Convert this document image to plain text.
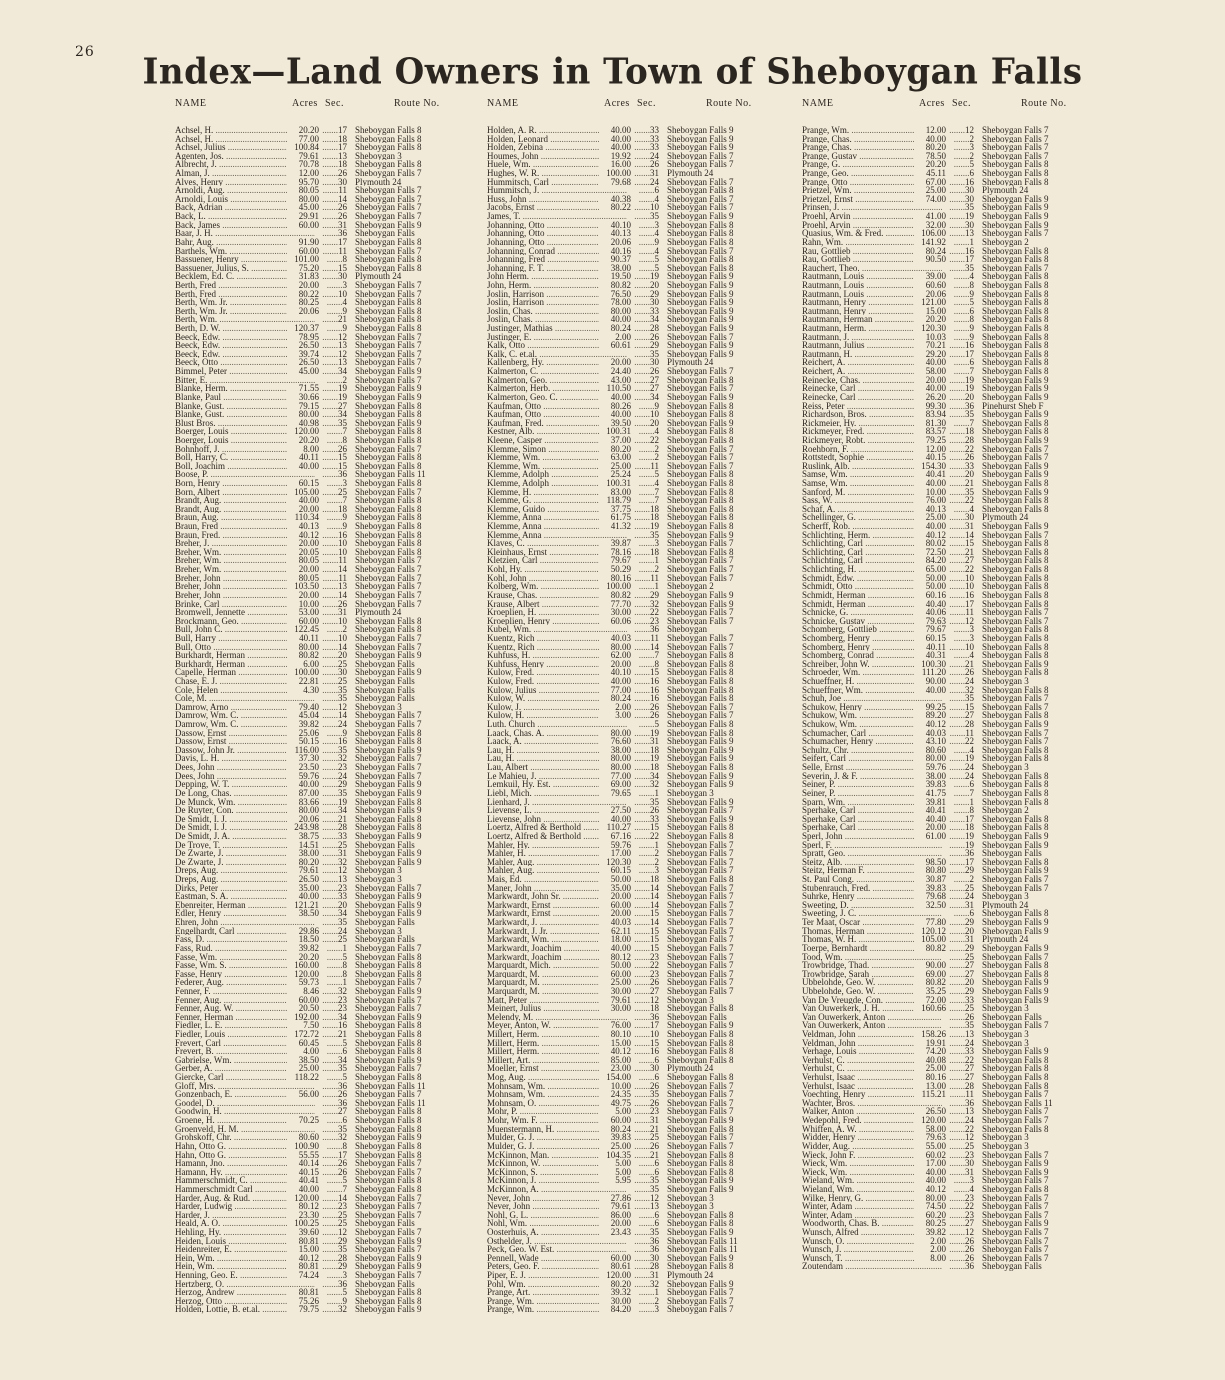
26	Index—Land Owners in Town of Sheboygan Falls
NAME	Acres Sec.	Route No.
Achsel, H. .....	20.20	....... 17 Sheboygan Falls 8
Achsel, H. .....	77.00	....... 18 Sheboygan Falls 8
Achsel, Julius .....	100.84	....... 17 Sheboygan Falls 8
Agenten, Jos. .....	79.61	....... 13 Sheboygan 3
Albrecht, J. .....	70.78	....... 18 Sheboygan Falls 8
Alman, J. .....	12.00	....... 26 Sheboygan Falls 7
Alves, Henry .....	95.70	....... 30 Plymouth 24
Arnoldi, Aug. .....	80.05	....... 11 Sheboygan Falls 7
Arnoldi, Louis .....	80.00	....... 14 Sheboygan Falls 7
Back, Adrian .....	45.00	....... 26 Sheboygan Falls 7
Back, L. .....	29.91	....... 26 Sheboygan Falls 7
Back, James .....	60.00	....... 31 Sheboygan Falls 9
Baar, J. H. .....	....... 36 Sheboygan Falls
Bahr, Aug. .....	91.90	....... 17 Sheboygan Falls 8
Barthels, Wm. .....	60.00	....... 11 Sheboygan Falls 7
Bassuener, Henry .....	101.00	....... 8 Sheboygan Falls 8
Bassuener, Julius, S. .....	75.20	....... 15 Sheboygan Falls 8
Becklem, Ed. C. .....	31.83	....... 30 Plymouth 24
Berth, Fred .....	20.00	....... 3 Sheboygan Falls 7
Berth, Fred .....	80.22	....... 10 Sheboygan Falls 7
Berth, Wm. Jr. .....	80.25	....... 4 Sheboygan Falls 8
Berth, Wm. Jr. .....	20.06	....... 9 Sheboygan Falls 8
Berth, Wm. .....	....... 21 Sheboygan Falls 8
Berth, D. W. .....	120.37	....... 9 Sheboygan Falls 8
Beeck, Edw. .....	78.95	....... 12 Sheboygan Falls 7
Beeck, Edw. .....	26.50	....... 13 Sheboygan Falls 7
Beeck, Edw. .....	39.74	....... 12 Sheboygan Falls 7
Beeck, Otto .....	26.50	....... 13 Sheboygan Falls 7
Bimmel, Peter .....	45.00	....... 34 Sheboygan Falls 9
Bitter, E. .....	....... 2 Sheboygan Falls 7
Blanke, Herm. .....	71.55	....... 19 Sheboygan Falls 9
Blanke, Paul .....	30.66	....... 19 Sheboygan Falls 9
Blanke, Gust. .....	79.15	....... 27 Sheboygan Falls 8
Blanke, Gust. .....	80.00	....... 34 Sheboygan Falls 8
Blust Bros. .....	40.98	....... 35 Sheboygan Falls 9
Boerger, Louis .....	120.00	....... 7 Sheboygan Falls 8
Boerger, Louis .....	20.20	....... 8 Sheboygan Falls 8
Bohnhoff, J. .....	8.00	....... 26 Sheboygan Falls 7
Boll, Harry, C. .....	40.11	....... 15 Sheboygan Falls 8
Boll, Joachim .....	40.00	....... 15 Sheboygan Falls 8
Boose, P. .....	....... 36 Sheboygan Falls 11
Born, Henry .....	60.15	....... 3 Sheboygan Falls 8
Born, Albert .....	105.00	....... 25 Sheboygan Falls 7
Brandt, Aug. .....	40.00	....... 7 Sheboygan Falls 8
Brandt, Aug. .....	20.00	....... 18 Sheboygan Falls 8
Braun, Aug. .....	110.34	....... 9 Sheboygan Falls 8
Braun, Fred .....	40.13	....... 9 Sheboygan Falls 8
Braun, Fred. .....	40.12	....... 16 Sheboygan Falls 8
Breher, J. .....	20.00	....... 10 Sheboygan Falls 8
Breher, Wm. .....	20.05	....... 10 Sheboygan Falls 8
Breher, Wm. .....	80.05	....... 11 Sheboygan Falls 7
Breher, Wm. .....	20.00	....... 14 Sheboygan Falls 7
Breher, John .....	80.05	....... 11 Sheboygan Falls 7
Breher, John .....	103.50	....... 13 Sheboygan Falls 7
Breher, John .....	20.00	....... 14 Sheboygan Falls 7
Brinke, Carl .....	10.00	....... 26 Sheboygan Falls 7
Bromwell, Jennette .....	53.00	....... 31 Plymouth 24
Brockmann, Geo. .....	60.00	....... 10 Sheboygan Falls 8
Bull, John C. .....	122.45	....... 2 Sheboygan Falls 8
Bull, Harry .....	40.11	....... 10 Sheboygan Falls 7
Bull, Otto .....	80.00	....... 14 Sheboygan Falls 7
Burkhardt, Herman .....	80.82	....... 20 Sheboygan Falls 9
Burkhardt, Herman .....	6.00	....... 25 Sheboygan Falls
Capelle, Herman .....	100.00	....... 30 Sheboygan Falls 9
Chase, E. J. .....	22.81	....... 25 Sheboygan Falls
Cole, Helen .....	4.30	....... 35 Sheboygan Falls
Cole, M. .....	....... 35 Sheboygan Falls
Damrow, Arno .....	79.40	....... 12 Sheboygan 3
Damrow, Wm. C. .....	45.04	....... 14 Sheboygan Falls 7
Damrow, Wm. C. .....	39.82	....... 24 Sheboygan Falls 7
Dassow, Ernst .....	25.06	....... 9 Sheboygan Falls 8
Dassow, Ernst .....	50.15	....... 16 Sheboygan Falls 8
Dassow, John Jr. .....	116.00	....... 35 Sheboygan Falls 9
Davis, L. H. .....	37.30	....... 32 Sheboygan Falls 7
Dees, John .....	23.50	....... 23 Sheboygan Falls 7
Dees, John .....	59.76	....... 24 Sheboygan Falls 7
Depping, W. T. .....	40.00	....... 29 Sheboygan Falls 9
De Long, Chas. .....	87.00	....... 35 Sheboygan Falls 9
De Munck, Wm. .....	83.66	....... 19 Sheboygan Falls 8
De Ruyter, Con. .....	80.00	....... 34 Sheboygan Falls 9
De Smidt, I. J. .....	20.06	....... 21 Sheboygan Falls 8
De Smidt, I. J. .....	243.98	....... 28 Sheboygan Falls 8
De Smidt, J. A. .....	38.75	....... 33 Sheboygan Falls 9
De Troye, T. .....	14.51	....... 25 Sheboygan Falls
De Zwarte, J. .....	38.00	....... 31 Sheboygan Falls 9
De Zwarte, J. .....	80.20	....... 32 Sheboygan Falls 9
Dreps, Aug. .....	79.61	....... 12 Sheboygan 3
Dreps, Aug. .....	26.50	....... 13 Sheboygan 3
Dirks, Peter .....	35.00	....... 23 Sheboygan Falls 7
Eastman, S. A. .....	40.00	....... 33 Sheboygan Falls 9
Ebenreiter, Herman .....	121.21	....... 20 Sheboygan Falls 9
Edler, Henry .....	38.50	....... 34 Sheboygan Falls 9
Ehren, John .....	....... 35 Sheboygan Falls
Engelhardt, Carl .....	29.86	....... 24 Sheboygan 3
Fass, D. .....	18.50	....... 25 Sheboygan Falls
Fass, Rud. .....	39.82	....... 1 Sheboygan Falls 7
Fasse, Wm. .....	20.20	....... 5 Sheboygan Falls 8
Fasse, Wm. S. .....	160.00	....... 8 Sheboygan Falls 8
Fasse, Henry .....	120.00	....... 8 Sheboygan Falls 8
Federer, Aug. .....	59.73	....... 1 Sheboygan Falls 7
Fenner, F. .....	8.46	....... 32 Sheboygan Falls 9
Fenner, Aug. .....	60.00	....... 23 Sheboygan Falls 7
Fenner, Aug. W. .....	20.50	....... 23 Sheboygan Falls 7
Fenner, Herman .....	192.00	....... 34 Sheboygan Falls 9
Fiedler, L. E. .....	7.50	....... 16 Sheboygan Falls 8
Fiedler, Louis .....	172.72	....... 21 Sheboygan Falls 8
Frevert, Carl .....	60.45	....... 5 Sheboygan Falls 8
Frevert, B. .....	4.00	....... 6 Sheboygan Falls 8
Gabrielse, Wm. .....	38.50	....... 34 Sheboygan Falls 9
Gerber, A. .....	25.00	....... 35 Sheboygan Falls 7
Giercke, Carl .....	118.22	....... 5 Sheboygan Falls 8
Gloff, Mrs. .....	....... 36 Sheboygan Falls 11
Gonzenbach, E. .....	56.00	....... 26 Sheboygan Falls 7
Goodel, D. .....	....... 36 Sheboygan Falls 11
Goodwin, H. .....	....... 27 Sheboygan Falls 8
Groene, H. .....	70.25	....... 6 Sheboygan Falls 8
Groenveld, H. M. .....	....... 35 Sheboygan Falls 8
Grohskoff, Chr. .....	80.60	....... 32 Sheboygan Falls 9
Hahn, Otto G. .....	100.90	....... 8 Sheboygan Falls 8
Hahn, Otto G. .....	55.55	....... 17 Sheboygan Falls 8
Hamann, Jno. .....	40.14	....... 26 Sheboygan Falls 7
Hamann, Hy. .....	40.15	....... 26 Sheboygan Falls 7
Hammerschmidt, C. .....	40.41	....... 5 Sheboygan Falls 8
Hammerschmidt Carl .....	40.00	....... 7 Sheboygan Falls 8
Harder, Aug. & Rud. .....	120.00	....... 14 Sheboygan Falls 7
Harder, Ludwig .....	80.12	....... 23 Sheboygan Falls 7
Harder, J. .....	23.30	....... 25 Sheboygan Falls 7
Heald, A. O. .....	100.25	....... 25 Sheboygan Falls
Hehling, Hy. .....	39.60	....... 12 Sheboygan Falls 7
Heiden, Louis .....	80.81	....... 29 Sheboygan Falls 9
Heidenreiter, E. .....	15.00	....... 35 Sheboygan Falls 7
Hein, Wm. .....	40.12	....... 28 Sheboygan Falls 9
Hein, Wm. .....	80.81	....... 29 Sheboygan Falls 9
Henning, Geo. E. .....	74.24	....... 3 Sheboygan Falls 7
Hertzberg, O. .....	....... 36 Sheboygan Falls
Herzog, Andrew .....	80.81	....... 5 Sheboygan Falls 8
Herzog, Otto .....	75.26	....... 9 Sheboygan Falls 8
Holden, Lottie, B. et.al. .....	79.75	....... 32 Sheboygan Falls 9
NAME	Acres Sec.	Route No.
Holden, A. R. .....	40.00	....... 33 Sheboygan Falls 9
Holden, Leonard .....	40.00	....... 33 Sheboygan Falls 9
Holden, Zebina .....	40.00	....... 33 Sheboygan Falls 9
Houmes, John .....	19.92	....... 24 Sheboygan Falls 7
Huele, Wm. .....	16.00	....... 26 Sheboygan Falls 7
Hughes, W. R. .....	100.00	....... 31 Plymouth 24
Hummitsch, Carl .....	79.68	....... 24 Sheboygan Falls 7
Hummitsch, J. .....	....... 6 Sheboygan Falls 8
Huss, John .....	40.38	....... 4 Sheboygan Falls 7
Jacobs, Ernst .....	80.22	....... 10 Sheboygan Falls 7
James, T. .....	....... 35 Sheboygan Falls 9
Johanning, Otto .....	40.10	....... 3 Sheboygan Falls 8
Johanning, Otto .....	40.13	....... 4 Sheboygan Falls 8
Johanning, Otto .....	20.06	....... 9 Sheboygan Falls 8
Johanning, Conrad .....	40.16	....... 4 Sheboygan Falls 7
Johanning, Fred .....	90.37	....... 5 Sheboygan Falls 8
Johanning, F. T. .....	38.00	....... 5 Sheboygan Falls 8
John Herm. .....	19.50	....... 19 Sheboygan Falls 9
John, Herm. .....	80.82	....... 20 Sheboygan Falls 9
Joslin, Harrison .....	76.50	....... 29 Sheboygan Falls 9
Joslin, Harrison .....	78.00	....... 30 Sheboygan Falls 9
Joslin, Chas. .....	80.00	....... 33 Sheboygan Falls 9
Joslin, Chas. .....	40.00	....... 34 Sheboygan Falls 9
Justinger, Mathias .....	80.24	....... 28 Sheboygan Falls 9
Justinger, E. .....	2.00	....... 26 Sheboygan Falls 7
Kalk, Otto .....	60.61	....... 29 Sheboygan Falls 9
Kalk, C. et.al. .....	....... 35 Sheboygan Falls 9
Kallenberg, Hy. .....	20.00	....... 30 Plymouth 24
Kalmerton, C. .....	24.40	....... 26 Sheboygan Falls 7
Kalmerton, Geo. .....	43.00	....... 27 Sheboygan Falls 8
Kalmerton, Herb. .....	110.50	....... 27 Sheboygan Falls 7
Kalmerton, Geo. C. .....	40.00	....... 34 Sheboygan Falls 9
Kaufman, Otto .....	80.26	....... 9 Sheboygan Falls 8
Kaufman, Otto .....	40.00	....... 10 Sheboygan Falls 8
Kaufman, Fred. .....	39.50	....... 20 Sheboygan Falls 9
Kestner, Alb. .....	100.31	....... 4 Sheboygan Falls 8
Kleene, Casper .....	37.00	....... 22 Sheboygan Falls 8
Klemme, Simon .....	80.20	....... 2 Sheboygan Falls 7
Klemme, Wm. .....	63.00	....... 2 Sheboygan Falls 7
Klemme, Wm. .....	25.00	....... 11 Sheboygan Falls 7
Klemme, Adolph .....	25.24	....... 5 Sheboygan Falls 8
Klemme, Adolph .....	100.31	....... 4 Sheboygan Falls 8
Klemme, H. .....	83.00	....... 7 Sheboygan Falls 8
Klemme, G. .....	118.79	....... 7 Sheboygan Falls 8
Klemme, Guido .....	37.75	....... 18 Sheboygan Falls 8
Klemme, Anna .....	61.75	....... 18 Sheboygan Falls 8
Klemme, Anna .....	41.32	....... 19 Sheboygan Falls 8
Klemme, Anna .....	....... 35 Sheboygan Falls 9
Klaves, C. .....	39.87	....... 3 Sheboygan Falls 7
Kleinhaus, Ernst .....	78.16	....... 18 Sheboygan Falls 8
Kletzien, Carl .....	79.67	....... 1 Sheboygan Falls 7
Kohl, Hy. .....	50.29	....... 2 Sheboygan Falls 7
Kohl, John .....	80.16	....... 11 Sheboygan Falls 7
Kolberg, Wm. .....	100.00	....... 1 Sheboygan 2
Krause, Chas. .....	80.82	....... 29 Sheboygan Falls 9
Krause, Albert .....	77.70	....... 32 Sheboygan Falls 9
Kroeplien, H. .....	30.00	....... 22 Sheboygan Falls 7
Kroeplien, Henry .....	60.06	....... 23 Sheboygan Falls 7
Kubel, Wm. .....	....... 36 Sheboygan
Kuentz, Rich .....	40.03	....... 11 Sheboygan Falls 7
Kuentz, Rich .....	80.00	....... 14 Sheboygan Falls 7
Kuhfuss, H. .....	62.00	....... 7 Sheboygan Falls 8
Kuhfuss, Henry .....	20.00	....... 8 Sheboygan Falls 8
Kulow, Fred. .....	40.10	....... 15 Sheboygan Falls 8
Kulow, Fred. .....	40.00	....... 16 Sheboygan Falls 8
Kulow, Julius .....	77.00	....... 16 Sheboygan Falls 8
Kulow, W. .....	80.24	....... 16 Sheboygan Falls 8
Kulow, J. .....	2.00	....... 26 Sheboygan Falls 7
Kulow, H. .....	3.00	....... 26 Sheboygan Falls 7
Luth. Church .....	....... 5 Sheboygan Falls 8
Laack, Chas. A. .....	80.00	....... 19 Sheboygan Falls 8
Laack, A. .....	76.60	....... 31 Sheboygan Falls 9
Lau, H. .....	38.00	....... 18 Sheboygan Falls 9
Lau, H. .....	80.00	....... 19 Sheboygan Falls 9
Lau, Albert .....	80.00	....... 18 Sheboygan Falls 8
Le Mahieu, J. .....	77.00	....... 34 Sheboygan Falls 9
Lemkuil, Hy. Est. .....	69.00	....... 32 Sheboygan Falls 9
Liebl, Mich. .....	79.65	....... 1 Sheboygan 3
Lienhard, J. .....	....... 35 Sheboygan Falls 9
Lievense, L. .....	27.50	....... 26 Sheboygan Falls 7
Lievense, John .....	40.00	....... 33 Sheboygan Falls 9
Loertz, Alfred & Berthold .....	110.27	....... 15 Sheboygan Falls 8
Loertz, Alfred & Berthold .....	67.16	....... 22 Sheboygan Falls 8
Mahler, Hy. .....	59.76	....... 1 Sheboygan Falls 7
Mahler, H. .....	17.00	....... 2 Sheboygan Falls 7
Mahler, Aug. .....	120.30	....... 2 Sheboygan Falls 7
Mahler, Aug. .....	60.15	....... 3 Sheboygan Falls 7
Mais, Ed. .....	50.00	....... 18 Sheboygan Falls 8
Maner, John .....	35.00	....... 14 Sheboygan Falls 7
Markwardt, John Sr. .....	20.00	....... 14 Sheboygan Falls 7
Markwardt, Ernst .....	60.00	....... 14 Sheboygan Falls 7
Markwardt, Ernst .....	20.00	....... 15 Sheboygan Falls 7
Markwardt, J. .....	40.03	....... 14 Sheboygan Falls 7
Markwardt, J. Jr. .....	62.11	....... 15 Sheboygan Falls 7
Markwardt, Wm. .....	18.00	....... 15 Sheboygan Falls 7
Markwardt, Joachim .....	40.00	....... 15 Sheboygan Falls 7
Markwardt, Joachim .....	80.12	....... 23 Sheboygan Falls 7
Marquardt, Mich. .....	50.00	....... 22 Sheboygan Falls 7
Marquardt, M. .....	60.00	....... 23 Sheboygan Falls 7
Marquardt, M. .....	25.00	....... 26 Sheboygan Falls 7
Marquardt, M. .....	30.00	....... 27 Sheboygan Falls 7
Matt, Peter .....	79.61	....... 12 Sheboygan 3
Meinert, Julius .....	30.00	....... 18 Sheboygan Falls 8
Melendy, M. .....	....... 36 Sheboygan Falls
Meyer, Anton, W. .....	76.00	....... 17 Sheboygan Falls 9
Millert, Herm. .....	80.10	....... 10 Sheboygan Falls 8
Millert, Herm. .....	15.00	....... 15 Sheboygan Falls 8
Millert, Herm. .....	40.12	....... 16 Sheboygan Falls 8
Millert, Art. .....	85.00	....... 6 Sheboygan Falls 8
Moeller, Ernst .....	23.00	....... 30 Plymouth 24
Mog, Aug. .....	154.00	....... 6 Sheboygan Falls 8
Mohnsam, Wm. .....	10.00	....... 26 Sheboygan Falls 7
Mohnsam, Wm. .....	24.35	....... 35 Sheboygan Falls 7
Mohnsam, O. .....	49.75	....... 26 Sheboygan Falls 7
Mohr, P. .....	5.00	....... 23 Sheboygan Falls 7
Mohr, Wm. F. .....	60.00	....... 31 Sheboygan Falls 9
Muenstermann, H. .....	80.24	....... 21 Sheboygan Falls 8
Mulder, G. J. .....	39.83	....... 25 Sheboygan Falls 7
Mulder, G. J. .....	25.00	....... 26 Sheboygan Falls 7
McKinnon, Man. .....	104.35	....... 21 Sheboygan Falls 8
McKinnon, W. .....	5.00	....... 6 Sheboygan Falls 8
McKinnon, S. .....	5.00	....... 6 Sheboygan Falls 8
McKinnon, J. .....	5.95	....... 35 Sheboygan Falls 9
McKinnon, A. .....	....... 35 Sheboygan Falls 9
Never, John .....	27.86	....... 12 Sheboygan 3
Never, John .....	79.61	....... 13 Sheboygan 3
Nohl, G. L. .....	86.00	....... 6 Sheboygan Falls 8
Nohl, Wm. .....	20.00	....... 6 Sheboygan Falls 8
Oosterhuis, A. .....	23.43	....... 35 Sheboygan Falls 9
Osthelder, J. .....	....... 36 Sheboygan Falls 11
Peck, Geo. W. Est. .....	....... 36 Sheboygan Falls 11
Pennell, Wade .....	60.00	....... 30 Sheboygan Falls 9
Peters, Geo. F. .....	80.61	....... 28 Sheboygan Falls 8
Piper, E. J. .....	120.00	....... 31 Plymouth 24
Pohl, Wm. .....	80.20	....... 32 Sheboygan Falls 9
Prange, Art. .....	39.32	....... 1 Sheboygan Falls 7
Prange, Wm. .....	30.00	....... 2 Sheboygan Falls 7
Prange, Wm. .....	84.20	....... 3 Sheboygan Falls 7
NAME	Acres Sec.	Route No.
Prange, Wm. .....	12.00	....... 12 Sheboygan Falls 7
Prange, Chas. .....	40.00	....... 2 Sheboygan Falls 7
Prange, Chas. .....	80.20	....... 3 Sheboygan Falls 7
Prange, Gustav .....	78.50	....... 2 Sheboygan Falls 7
Prange, G. .....	20.20	....... 5 Sheboygan Falls 8
Prange, Geo. .....	45.11	....... 6 Sheboygan Falls 8
Prange, Otto .....	67.00	....... 16 Sheboygan Falls 8
Prietzel, Wm. .....	25.00	....... 30 Plymouth 24
Prietzel, Ernst .....	74.00	....... 30 Sheboygan Falls 9
Prinsen, J. .....	....... 35 Sheboygan Falls 9
Proehl, Arvin .....	41.00	....... 19 Sheboygan Falls 9
Proehl, Arvin .....	32.00	....... 30 Sheboygan Falls 9
Quasius, Wm. & Fred. .....	106.00	....... 13 Sheboygan Falls 7
Rahn, Wm. .....	141.92	....... 1 Sheboygan 2
Rau, Gottlieb .....	80.24	....... 16 Sheboygan Falls 8
Rau, Gottlieb .....	90.50	....... 17 Sheboygan Falls 8
Rauchert, Theo. .....	....... 35 Sheboygan Falls 7
Rautmann, Louis .....	39.00	....... 4 Sheboygan Falls 8
Rautmann, Louis .....	60.60	....... 8 Sheboygan Falls 8
Rautmann, Louis .....	20.06	....... 9 Sheboygan Falls 8
Rautmann, Henry .....	121.00	....... 5 Sheboygan Falls 8
Rautmann, Henry .....	15.00	....... 6 Sheboygan Falls 8
Rautmann, Herman .....	20.20	....... 8 Sheboygan Falls 8
Rautmann, Herm. .....	120.30	....... 9 Sheboygan Falls 8
Rautmann, J. .....	10.03	....... 9 Sheboygan Falls 8
Rautmann, Julius .....	70.21	....... 16 Sheboygan Falls 8
Rautmann, H. .....	29.20	....... 17 Sheboygan Falls 8
Reichert, A. .....	40.00	....... 6 Sheboygan Falls 8
Reichert, A. .....	58.00	....... 7 Sheboygan Falls 8
Reinecke, Chas. .....	20.00	....... 19 Sheboygan Falls 9
Reinecke, Carl .....	40.00	....... 19 Sheboygan Falls 9
Reinecke, Carl .....	26.20	....... 20 Sheboygan Falls 9
Reiss, Peter .....	99.30	....... 36 Pinehurst Sheb F
Richardson, Bros. .....	83.94	....... 35 Sheboygan Falls 9
Rickmeier, Hy. .....	81.30	....... 7 Sheboygan Falls 8
Rickmeyer, Fred. .....	83.57	....... 18 Sheboygan Falls 8
Rickmeyer, Robt. .....	79.25	....... 28 Sheboygan Falls 9
Roehborn, F. .....	12.00	....... 22 Sheboygan Falls 7
Rottstedt, Sophie .....	40.15	....... 26 Sheboygan Falls 7
Ruslink, Alb. .....	154.30	....... 33 Sheboygan Falls 9
Samse, Wm. .....	40.41	....... 20 Sheboygan Falls 9
Samse, Wm. .....	40.00	....... 21 Sheboygan Falls 8
Sanford, M. .....	10.00	....... 35 Sheboygan Falls 9
Sass, W. .....	76.00	....... 22 Sheboygan Falls 8
Schaf, A. .....	40.13	....... 4 Sheboygan Falls 8
Schellinger, G. .....	25.00	....... 30 Plymouth 24
Scherff, Rob. .....	40.00	....... 31 Sheboygan Falls 9
Schlichting, Herm. .....	40.12	....... 14 Sheboygan Falls 7
Schlichting, Carl .....	80.02	....... 15 Sheboygan Falls 8
Schlichting, Carl .....	72.50	....... 21 Sheboygan Falls 8
Schlichting, Carl .....	84.20	....... 27 Sheboygan Falls 8
Schlichting, H. .....	65.00	....... 22 Sheboygan Falls 8
Schmidt, Edw. .....	50.00	....... 10 Sheboygan Falls 8
Schmidt, Otto .....	50.00	....... 10 Sheboygan Falls 8
Schmidt, Herman .....	60.16	....... 16 Sheboygan Falls 8
Schmidt, Herman .....	40.40	....... 17 Sheboygan Falls 8
Schnicke, G. .....	40.06	....... 11 Sheboygan Falls 7
Schnicke, Gustav .....	79.63	....... 12 Sheboygan Falls 7
Schomberg, Gottlieb .....	79.67	....... 3 Sheboygan Falls 8
Schomberg, Henry .....	60.15	....... 3 Sheboygan Falls 8
Schomberg, Henry .....	40.11	....... 10 Sheboygan Falls 8
Schomberg, Conrad .....	40.31	....... 4 Sheboygan Falls 8
Schreiber, John W. .....	100.30	....... 21 Sheboygan Falls 9
Schroeder, Wm. .....	111.20	....... 26 Sheboygan Falls 8
Schueffner, H. .....	90.00	....... 24 Sheboygan 3
Schueffner, Wm. .....	40.00	....... 32 Sheboygan Falls 8
Schuh, Joe .....	....... 35 Sheboygan Falls 7
Schukow, Henry .....	99.25	....... 15 Sheboygan Falls 7
Schukow, Wm. .....	89.20	....... 27 Sheboygan Falls 8
Schukow, Wm. .....	40.12	....... 28 Sheboygan Falls 9
Schumacher, Carl .....	40.03	....... 11 Sheboygan Falls 7
Schumacher, Henry .....	43.10	....... 22 Sheboygan Falls 7
Schultz, Chr. .....	80.60	....... 4 Sheboygan Falls 8
Seifert, Carl .....	80.00	....... 19 Sheboygan Falls 8
Selle, Ernst .....	59.76	....... 24 Sheboygan 3
Severin, J. & F. .....	38.00	....... 24 Sheboygan Falls 8
Seiner, P. .....	39.83	....... 6 Sheboygan Falls 8
Seiner, P. .....	41.75	....... 7 Sheboygan Falls 8
Sparn, Wm. .....	39.81	....... 1 Sheboygan Falls 8
Sperhake, Carl .....	40.41	....... 8 Sheboygan 2
Sperhake, Carl .....	40.40	....... 17 Sheboygan Falls 8
Sperhake, Carl .....	20.00	....... 18 Sheboygan Falls 8
Sperl, John .....	61.00	....... 19 Sheboygan Falls 9
Sperl, F. .....	....... 19 Sheboygan Falls 9
Spratt, Geo. .....	....... 36 Sheboygan Falls
Steitz, Alb. .....	98.50	....... 17 Sheboygan Falls 8
Steitz, Herman F. .....	80.80	....... 29 Sheboygan Falls 9
St. Paul Cong. .....	30.87	....... 2 Sheboygan Falls 7
Stubenrauch, Fred. .....	39.83	....... 25 Sheboygan Falls 7
Suhrke, Henry .....	79.68	....... 24 Sheboygan 3
Sweeting, D. .....	32.50	....... 31 Plymouth 24
Sweeting, J. C. .....	....... 6 Sheboygan Falls 8
Ter Maat, Oscar .....	77.80	....... 29 Sheboygan Falls 9
Thomas, Herman .....	120.12	....... 20 Sheboygan Falls 9
Thomas, W. H. .....	105.00	....... 31 Plymouth 24
Toerpe, Bernhardt .....	80.82	....... 29 Sheboygan Falls 9
Tood, Wm. .....	....... 25 Sheboygan Falls 7
Trowbridge, Thad. .....	90.00	....... 27 Sheboygan Falls 8
Trowbridge, Sarah .....	69.00	....... 27 Sheboygan Falls 8
Ubbelohde, Geo. W. .....	80.82	....... 20 Sheboygan Falls 9
Ubbelohde, Geo. W. .....	35.25	....... 29 Sheboygan Falls 9
Van De Vreugde, Con. .....	72.00	....... 33 Sheboygan Falls 9
Van Ouwerkerk, J. H. .....	160.66	....... 25 Sheboygan 3
Van Ouwerkerk, Anton .....	....... 26 Sheboygan Falls
Van Ouwerkerk, Anton .....	....... 35 Sheboygan Falls 7
Veldman, John .....	158.26	....... 13 Sheboygan 3
Veldman, John .....	19.91	....... 24 Sheboygan 3
Verhage, Louis .....	74.20	....... 33 Sheboygan Falls 9
Verhulst, C. .....	40.08	....... 22 Sheboygan Falls 8
Verhulst, C. .....	25.00	....... 27 Sheboygan Falls 8
Verhulst, Isaac .....	80.16	....... 27 Sheboygan Falls 8
Verhulst, Isaac .....	13.00	....... 28 Sheboygan Falls 8
Voechting, Henry .....	115.21	....... 11 Sheboygan Falls 7
Wachter, Bros. .....	....... 36 Sheboygan Falls 11
Walker, Anton .....	26.50	....... 13 Sheboygan Falls 7
Wedepohl, Fred. .....	120.00	....... 24 Sheboygan Falls 7
Whiffen, A. W. .....	58.00	....... 22 Sheboygan Falls 8
Widder, Henry .....	79.63	....... 12 Sheboygan 3
Widder, Aug. .....	55.00	....... 25 Sheboygan 3
Wieck, John F. .....	60.02	....... 23 Sheboygan Falls 7
Wieck, Wm. .....	17.00	....... 30 Sheboygan Falls 9
Wieck, Wm. .....	40.00	....... 31 Sheboygan Falls 9
Wieland, Wm. .....	40.00	....... 3 Sheboygan Falls 7
Wieland, Wm. .....	40.12	....... 4 Sheboygan Falls 8
Wilke, Henry, G. .....	80.00	....... 23 Sheboygan Falls 7
Winter, Adam .....	74.50	....... 22 Sheboygan Falls 7
Winter, Adam .....	60.20	....... 23 Sheboygan Falls 7
Woodworth, Chas. B. .....	80.25	....... 27 Sheboygan Falls 9
Wunsch, Alfred .....	39.82	....... 12 Sheboygan Falls 7
Wunsch, O. .....	2.00	....... 26 Sheboygan Falls 7
Wunsch, J. .....	2.00	....... 26 Sheboygan Falls 7
Wunsch, T. .....	8.00	....... 26 Sheboygan Falls 7
Zoutendam .....	....... 36 Sheboygan Falls
